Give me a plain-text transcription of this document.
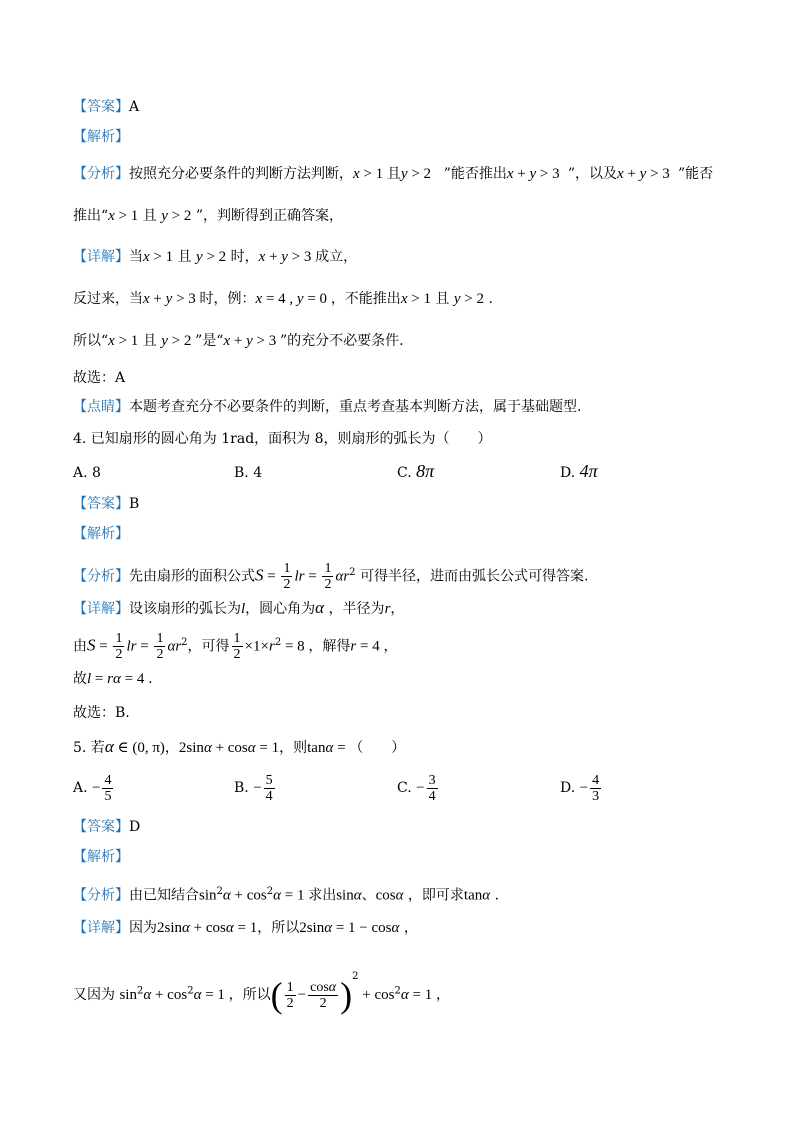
【答案】A
【解析】
【分析】按照充分必要条件的判断方法判断，x > 1 且y > 2   ”能否推出x + y > 3  ”，以及x + y > 3  ”能否
推出“x > 1 且 y > 2 ”，判断得到正确答案，
【详解】当x > 1 且 y > 2 时，x + y > 3 成立，
反过来，当x + y > 3 时，例：x = 4 , y = 0 ，不能推出x > 1 且 y > 2 .
所以“x > 1 且 y > 2 ”是“x + y > 3 ”的充分不必要条件.
故选：A
【点睛】本题考查充分不必要条件的判断，重点考查基本判断方法，属于基础题型.
4. 已知扇形的圆心角为 1rad，面积为 8，则扇形的弧长为（　　）
A. 8	B. 4	C. 8π	D. 4π
【答案】B
【解析】
【分析】先由扇形的面积公式$S = \frac{1}{2}$ lr = $\frac{1}{2} \alpha r^2$ 可得半径，进而由弧长公式可得答案.
【详解】设该扇形的弧长为l，圆心角为α ，半径为r，
由$S = \frac{1}{2}$ lr = $\frac{1}{2} \alpha r^2$，可得 $\frac{1}{2} \times 1\times r^2 = 8$ ，解得r = 4 ，
故l = rα = 4 .
故选：B.
5. 若α ∈ (0, π)，2sinα + cosα = 1，则tanα = （　　）
A. − $\frac{4}{5}$	B. − $\frac{5}{4}$	C. − $\frac{3}{4}$	D. − $\frac{4}{3}$
【答案】D
【解析】
【分析】由已知结合$\sin^2\alpha + \cos^2\alpha = 1$ 求出sinα、cosα ，即可求tanα .
【详解】因为2sinα + cosα = 1，所以2sinα = 1 − cosα ，
又因为 $\sin^2\alpha + \cos^2\alpha = 1$ ，所以( $\frac{1}{2} - \frac{\cos\alpha}{2} )^2 + \cos^2\alpha = 1$ ，
